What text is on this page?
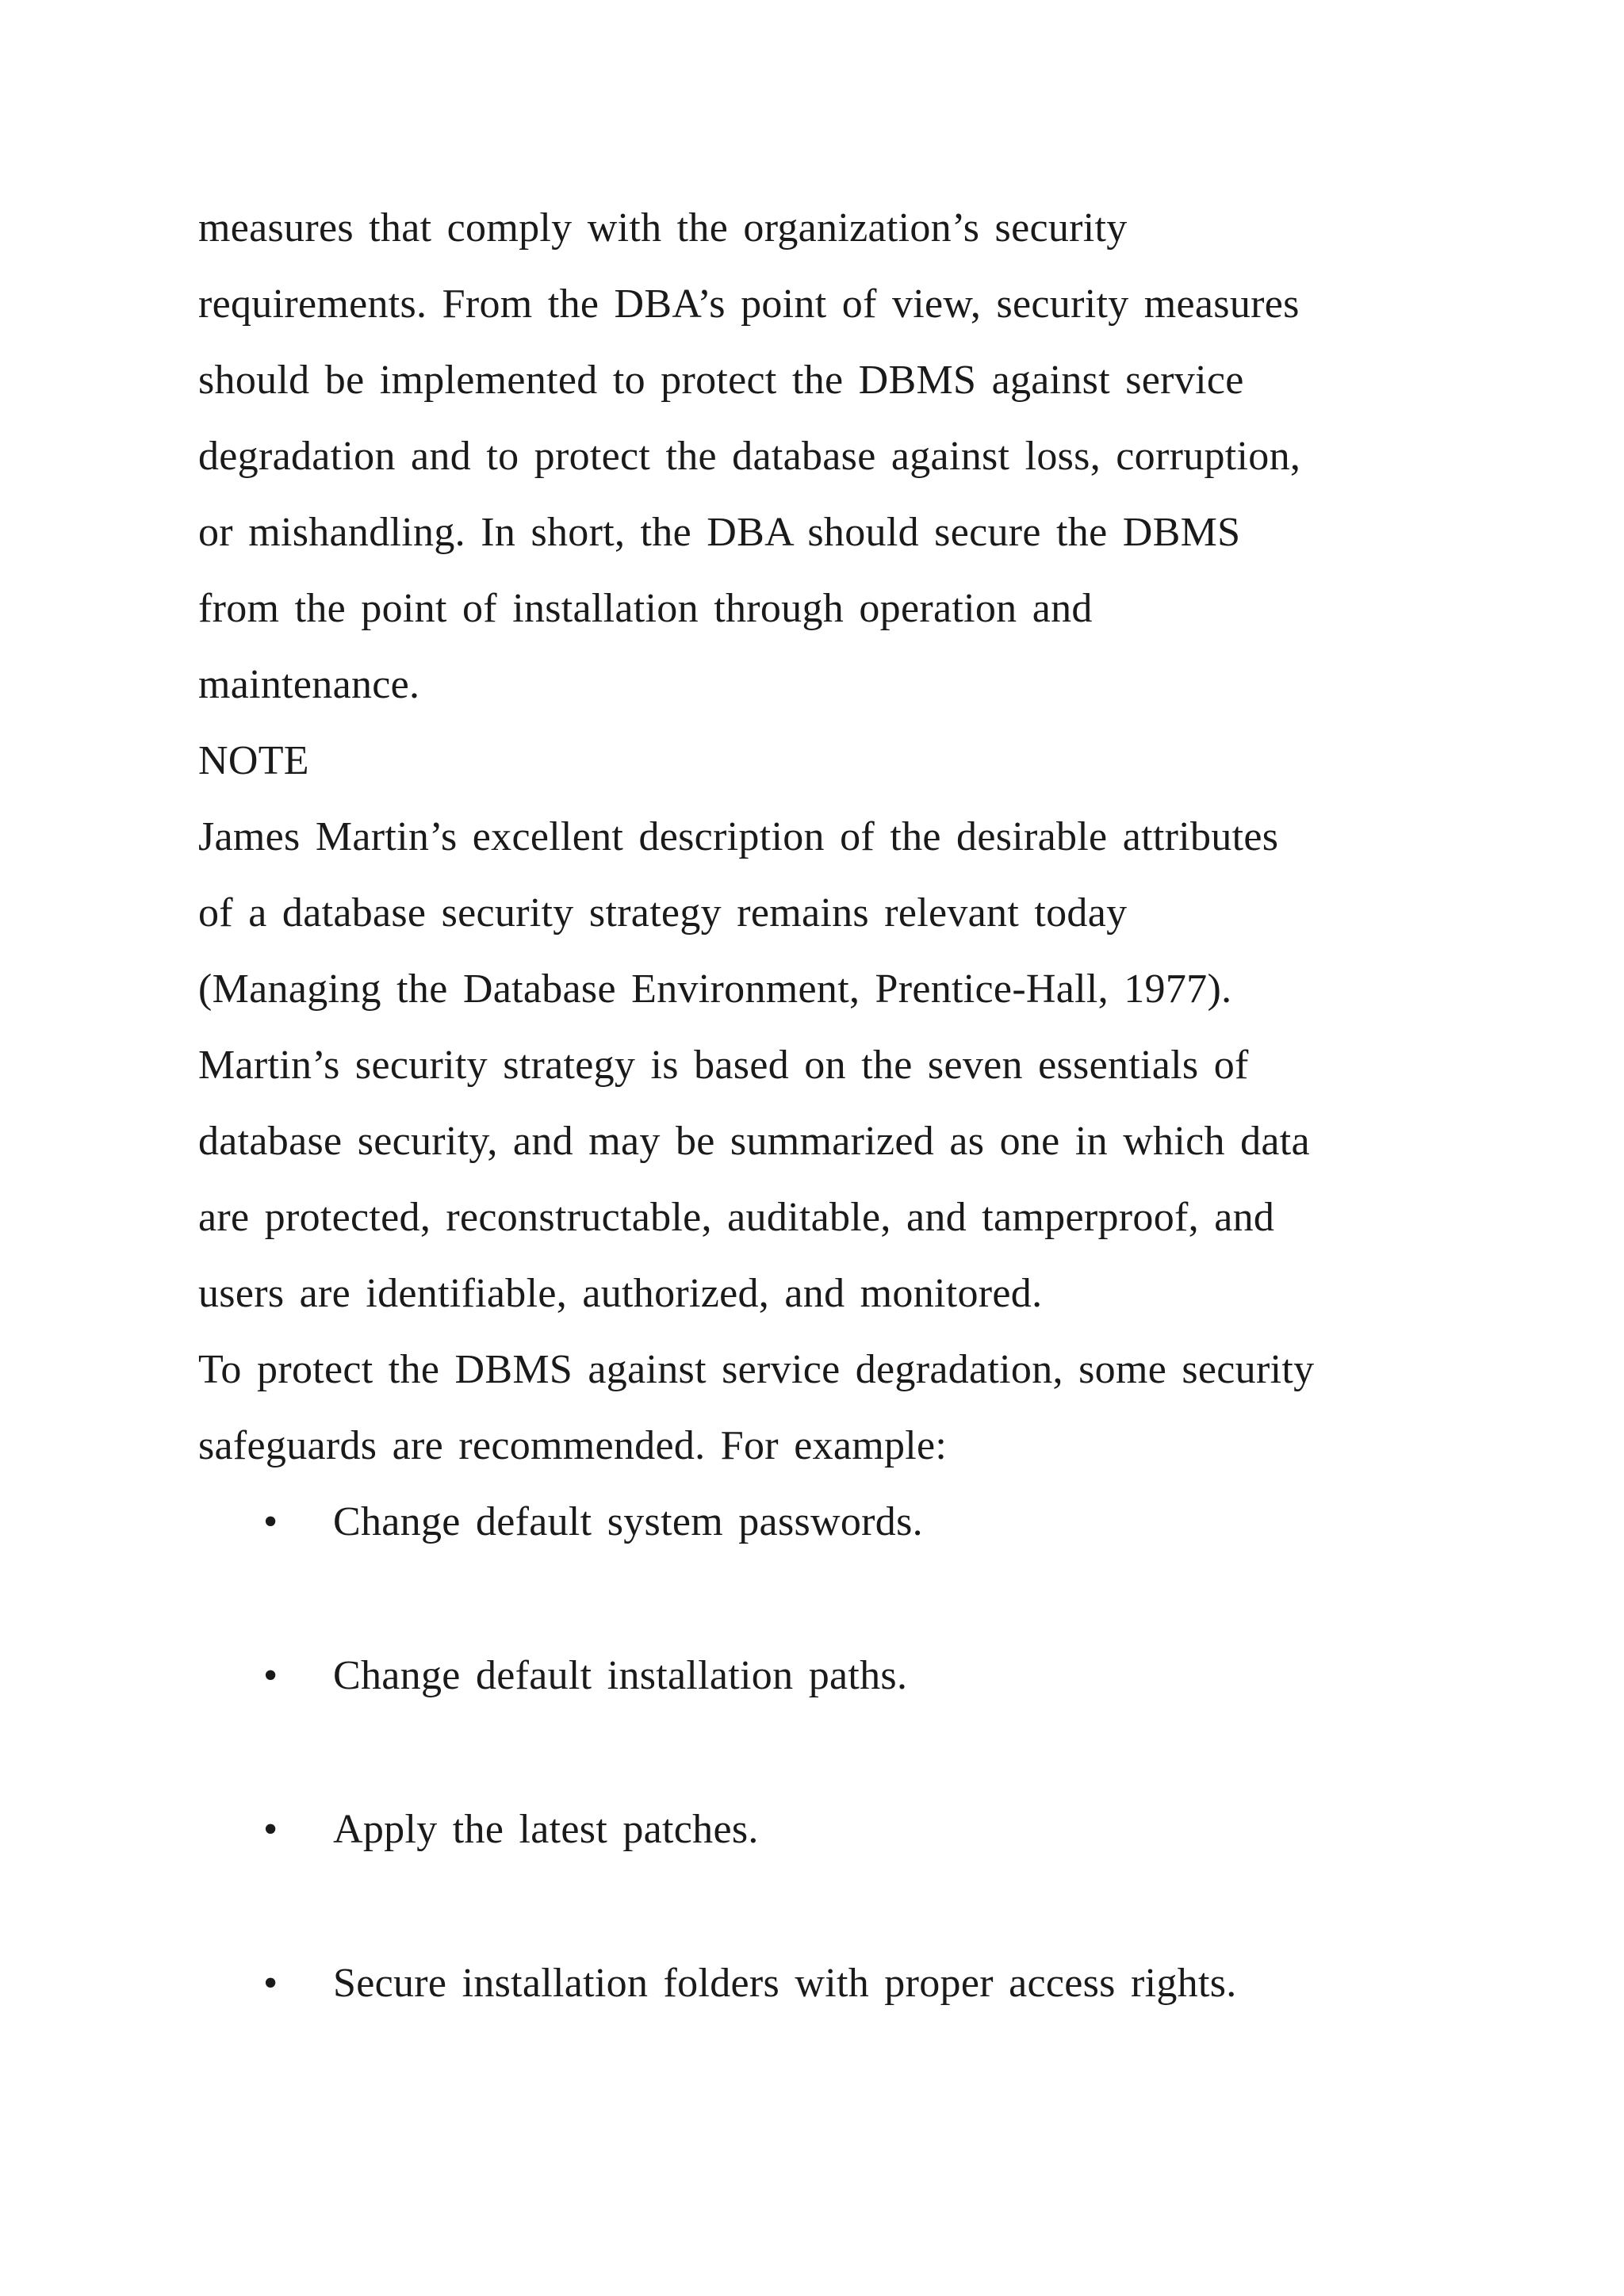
measures that comply with the organization’s security
requirements. From the DBA’s point of view, security measures
should be implemented to protect the DBMS against service
degradation and to protect the database against loss, corruption,
or mishandling. In short, the DBA should secure the DBMS
from the point of installation through operation and
maintenance.
NOTE
James Martin’s excellent description of the desirable attributes
of a database security strategy remains relevant today
(Managing the Database Environment, Prentice-Hall, 1977).
Martin’s security strategy is based on the seven essentials of
database security, and may be summarized as one in which data
are protected, reconstructable, auditable, and tamperproof, and
users are identifiable, authorized, and monitored.
To protect the DBMS against service degradation, some security
safeguards are recommended. For example:
• Change default system passwords.
• Change default installation paths.
• Apply the latest patches.
• Secure installation folders with proper access rights.
